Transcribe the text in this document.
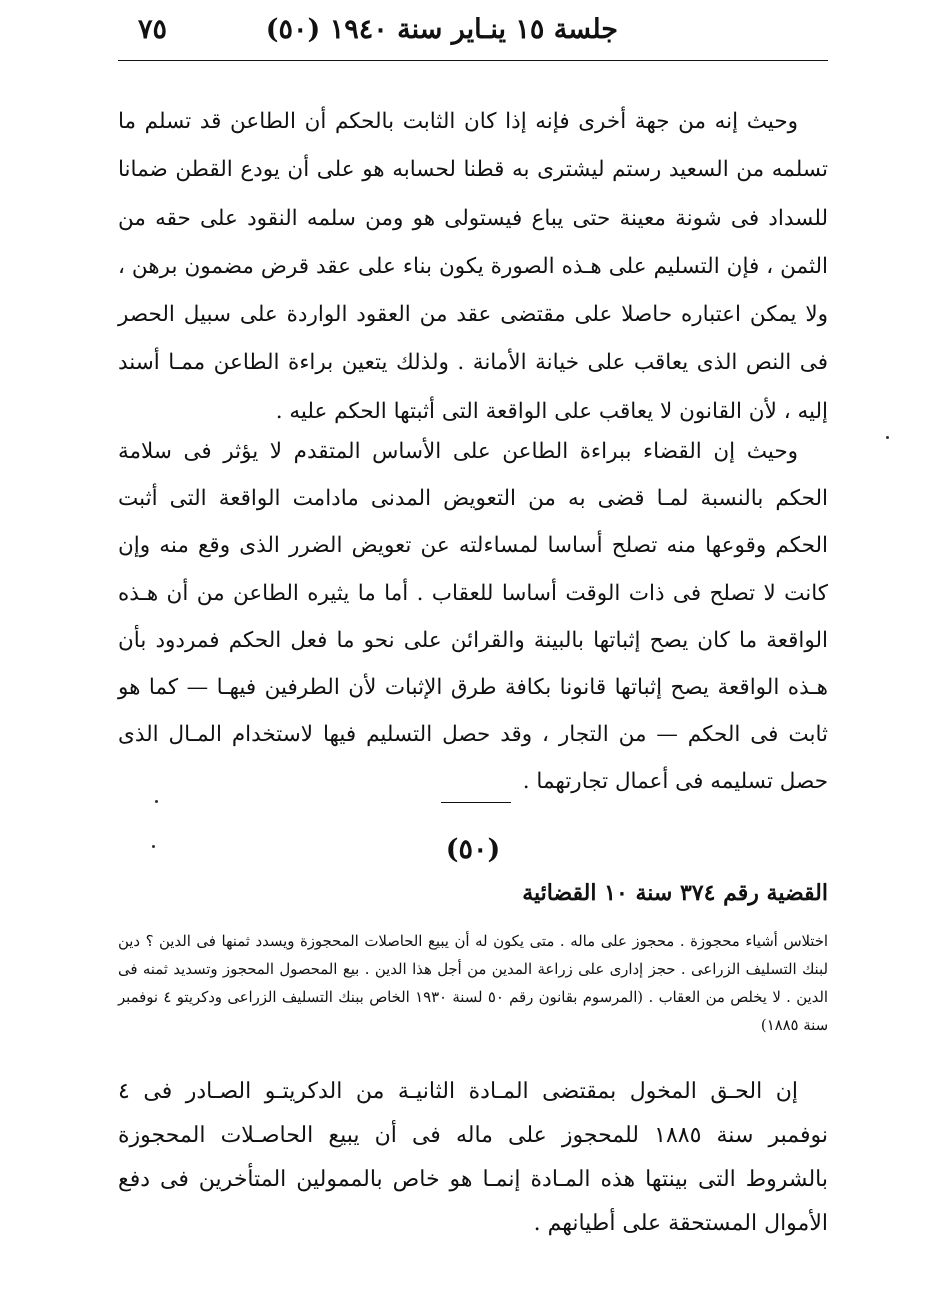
جلسة ١٥ ينـاير سنة ١٩٤٠ (٥٠)
٧٥
وحيث إنه من جهة أخرى فإنه إذا كان الثابت بالحكم أن الطاعن قد تسلم ما تسلمه من السعيد رستم ليشترى به قطنا لحسابه هو على أن يودع القطن ضمانا للسداد فى شونة معينة حتى يباع فيستولى هو ومن سلمه النقود على حقه من الثمن ، فإن التسليم على هـذه الصورة يكون بناء على عقد قرض مضمون برهن ، ولا يمكن اعتباره حاصلا على مقتضى عقد من العقود الواردة على سبيل الحصر فى النص الذى يعاقب على خيانة الأمانة . ولذلك يتعين براءة الطاعن ممـا أسند إليه ، لأن القانون لا يعاقب على الواقعة التى أثبتها الحكم عليه .
وحيث إن القضاء ببراءة الطاعن على الأساس المتقدم لا يؤثر فى سلامة الحكم بالنسبة لمـا قضى به من التعويض المدنى مادامت الواقعة التى أثبت الحكم وقوعها منه تصلح أساسا لمساءلته عن تعويض الضرر الذى وقع منه وإن كانت لا تصلح فى ذات الوقت أساسا للعقاب . أما ما يثيره الطاعن من أن هـذه الواقعة ما كان يصح إثباتها بالبينة والقرائن على نحو ما فعل الحكم فمردود بأن هـذه الواقعة يصح إثباتها قانونا بكافة طرق الإثبات لأن الطرفين فيهـا — كما هو ثابت فى الحكم — من التجار ، وقد حصل التسليم فيها لاستخدام المـال الذى حصل تسليمه فى أعمال تجارتهما .
(٥٠)
القضية رقم ٣٧٤ سنة ١٠ القضائية

اختلاس أشياء محجوزة . محجوز على ماله . متى يكون له أن يبيع الحاصلات المحجوزة ويسدد ثمنها فى الدين ؟ دين لبنك التسليف الزراعى . حجز إدارى على زراعة المدين من أجل هذا الدين . بيع المحصول المحجوز وتسديد ثمنه فى الدين . لا يخلص من العقاب . (المرسوم بقانون رقم ٥٠ لسنة ١٩٣٠ الخاص ببنك التسليف الزراعى ودكريتو ٤ نوفمبر سنة ١٨٨٥)

إن الحـق المخول بمقتضى المـادة الثانيـة من الدكريتـو الصـادر فى ٤ نوفمبر سنة ١٨٨٥ للمحجوز على ماله فى أن يبيع الحاصـلات المحجوزة بالشروط التى بينتها هذه المـادة إنمـا هو خاص بالممولين المتأخرين فى دفع الأموال المستحقة على أطيانهم .
